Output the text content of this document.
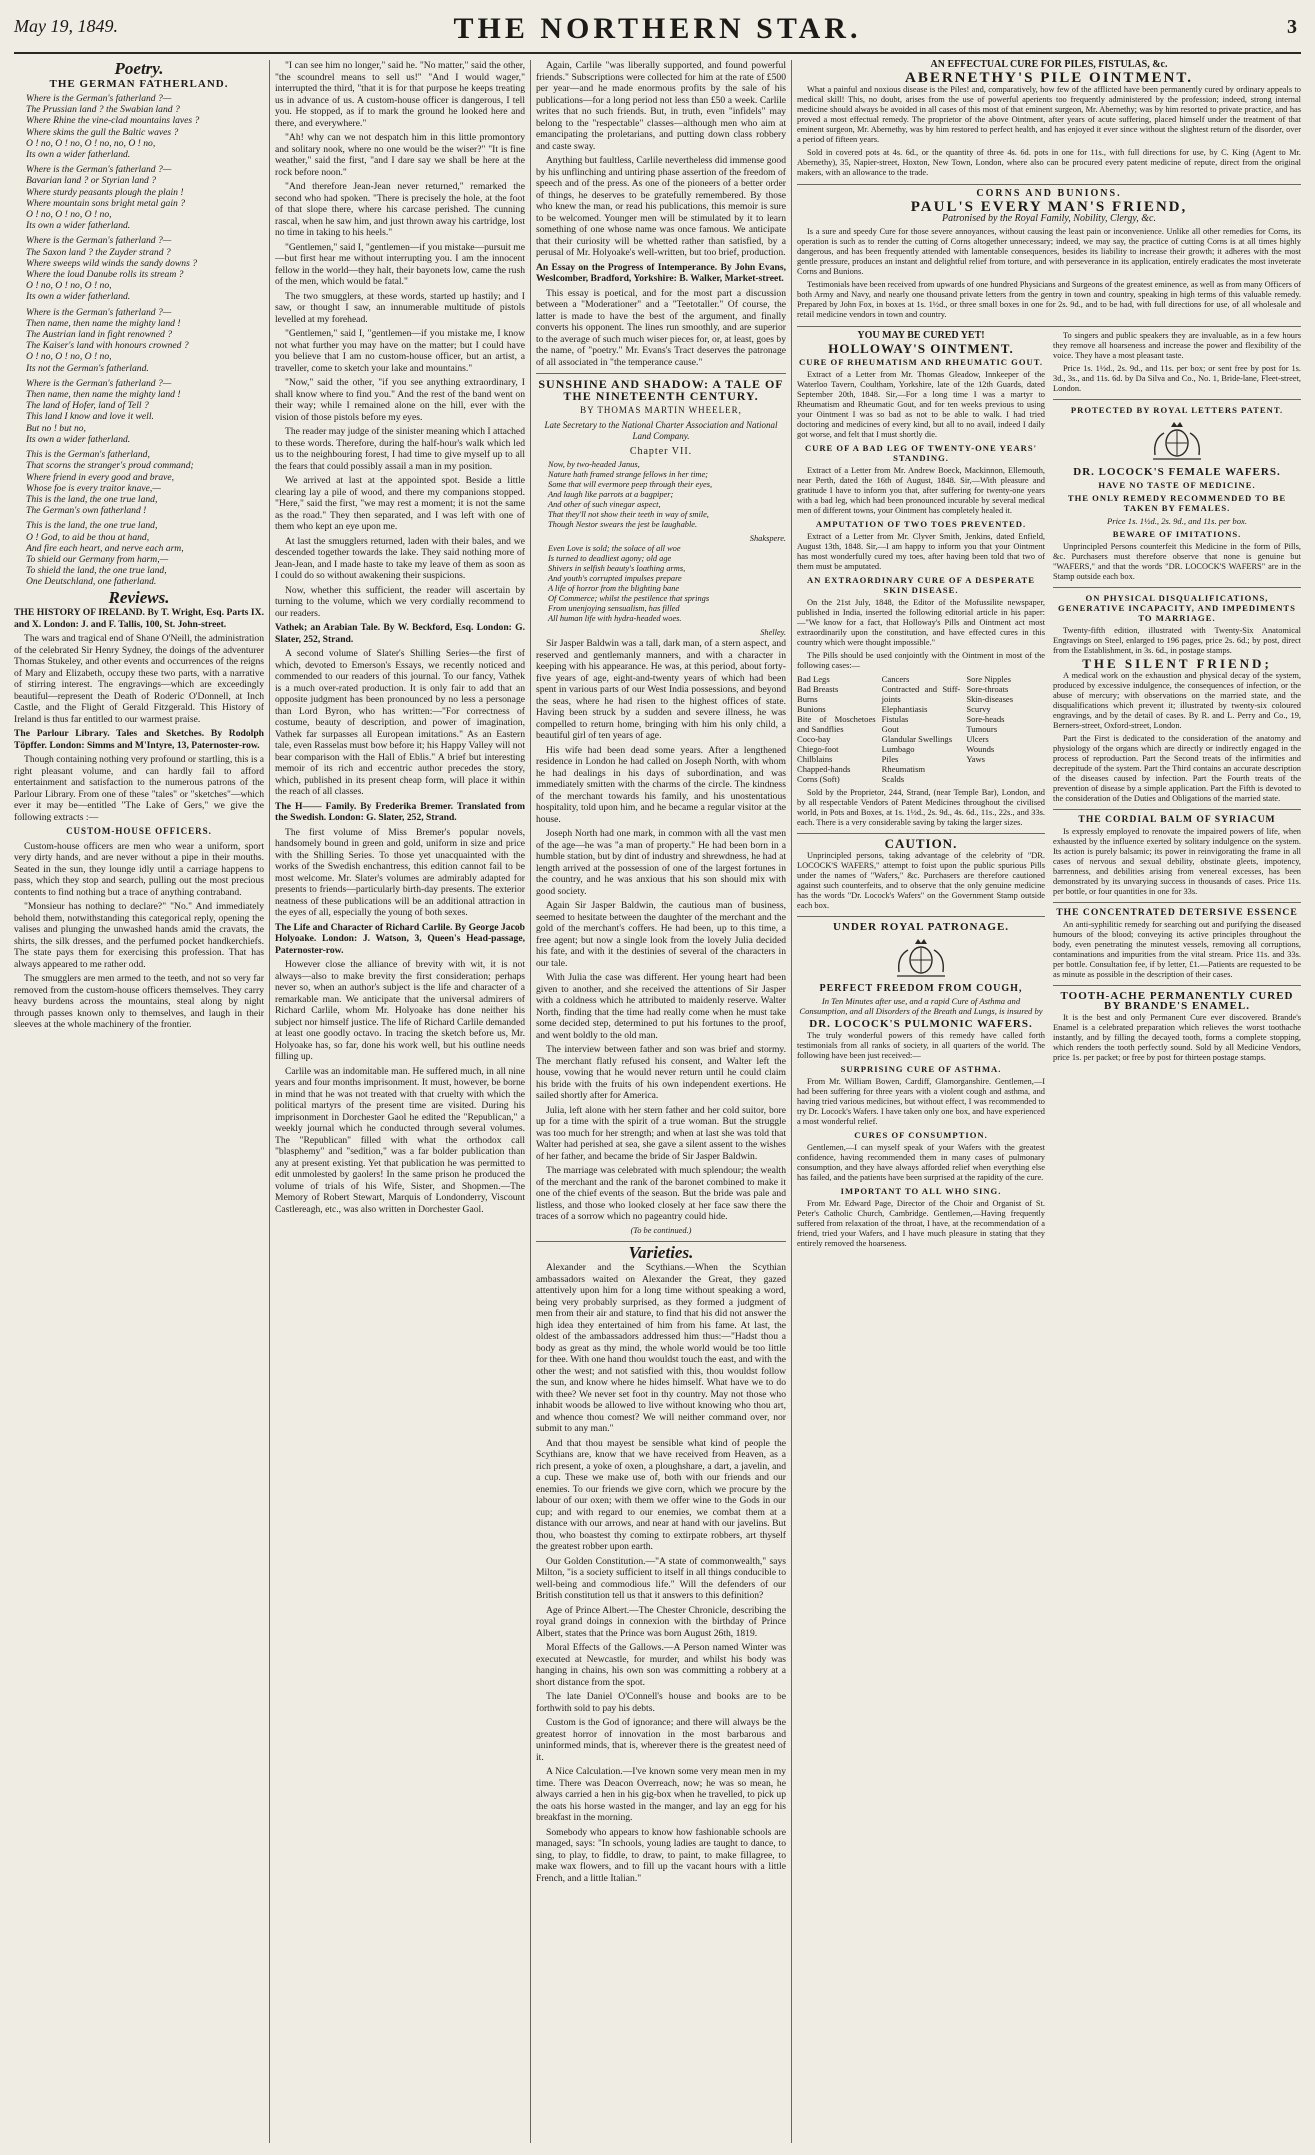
May 19, 1849.	THE NORTHERN STAR.	3
Poetry.
THE GERMAN FATHERLAND.
Where is the German's fatherland ?—
The Prussian land ? the Swabian land ?
Where Rhine the vine-clad mountains laves ?
Where skims the gull the Baltic waves ?
O ! no, O ! no, O ! no, no, O ! no,
Its own a wider fatherland.
Where is the German's fatherland ?—
Bavarian land ? or Styrian land ?
Where sturdy peasants plough the plain !
Where mountain sons bright metal gain ?
O ! no, O ! no, O ! no,
Its own a wider fatherland.
Where is the German's fatherland ?—
The Saxon land ? the Zuyder strand ?
Where sweeps wild winds the sandy downs ?
Where the loud Danube rolls its stream ?
O ! no, O ! no, O ! no,
Its own a wider fatherland.
Where is the German's fatherland ?—
Then name, then name the mighty land !
The Austrian land in fight renowned ?
The Kaiser's land with honours crowned ?
O ! no, O ! no, O ! no,
Its not the German's fatherland.
Where is the German's fatherland ?—
Then name, then name the mighty land !
The land of Hofer, land of Tell ?
This land I know and love it well.
But no ! but no,
Its own a wider fatherland.
This is the German's fatherland,
That scorns the stranger's proud command;
Where friend in every good and brave,
Whose foe is every traitor knave,—
This is the land, the one true land,
The German's own fatherland !
This is the land, the one true land,
O ! God, to aid be thou at hand,
And fire each heart, and nerve each arm,
To shield our Germany from harm,—
To shield the land, the one true land,
One Deutschland, one fatherland.
Reviews.

THE HISTORY OF IRELAND. By T. Wright, Esq. Parts IX. and X. London: J. and F. Tallis, 100, St. John-street.

The wars and tragical end of Shane O'Neill, the administration of the celebrated Sir Henry Sydney, the doings of the adventurer Thomas Stukeley, and other events and occurrences of the reigns of Mary and Elizabeth, occupy these two parts, with a narrative of stirring interest. The engravings—which are exceedingly beautiful—represent the Death of Roderic O'Donnell, at Inch Castle, and the Flight of Gerald Fitzgerald. This History of Ireland is thus far entitled to our warmest praise.

The Parlour Library. Tales and Sketches. By Rodolph Töpffer. London: Simms and M'Intyre, 13, Paternoster-row.

Though containing nothing very profound or startling, this is a right pleasant volume, and can hardly fail to afford entertainment and satisfaction to the numerous patrons of the Parlour Library. From one of these "tales" or "sketches"—which ever it may be—entitled "The Lake of Gers," we give the following extracts :—

CUSTOM-HOUSE OFFICERS.

Custom-house officers are men who wear a uniform, sport very dirty hands, and are never without a pipe in their mouths. Seated in the sun, they lounge idly until a carriage happens to pass, which they stop and search, pulling out the most precious contents to find nothing but a trace of anything contraband.

"Monsieur has nothing to declare?" "No." And immediately behold them, notwithstanding this categorical reply, opening the valises and plunging the unwashed hands amid the cravats, the shirts, the silk dresses, and the perfumed pocket handkerchiefs. The state pays them for exercising this profession. That has always appeared to me rather odd.

The smugglers are men armed to the teeth, and not so very far removed from the custom-house officers themselves. They carry heavy burdens across the mountains, steal along by night through passes known only to themselves, and laugh in their sleeves at the whole machinery of the frontier.

"I can see him no longer," said he. "No matter," said the other, "the scoundrel means to sell us!" "And I would wager," interrupted the third, "that it is for that purpose he keeps treating us in advance of us. A custom-house officer is dangerous, I tell you. He stopped, as if to mark the ground he looked here and there, and everywhere."

"Ah! why can we not despatch him in this little promontory and solitary nook, where no one would be the wiser?" "It is fine weather," said the first, "and I dare say we shall be here at the rock before noon."

"And therefore Jean-Jean never returned," remarked the second who had spoken. "There is precisely the hole, at the foot of that slope there, where his carcase perished. The cunning rascal, when he saw him, and just thrown away his cartridge, lost no time in taking to his heels."

"Gentlemen," said I, "gentlemen—if you mistake—pursuit me—but first hear me without interrupting you. I am the innocent fellow in the world—they halt, their bayonets low, came the rush of the men, which would be fatal."

The two smugglers, at these words, started up hastily; and I saw, or thought I saw, an innumerable multitude of pistols levelled at my forehead.

"Gentlemen," said I, "gentlemen—if you mistake me, I know not what further you may have on the matter; but I could have you believe that I am no custom-house officer, but an artist, a traveller, come to sketch your lake and mountains."

"Now," said the other, "if you see anything extraordinary, I shall know where to find you." And the rest of the band went on their way; while I remained alone on the hill, ever with the vision of those pistols before my eyes.

The reader may judge of the sinister meaning which I attached to these words. Therefore, during the half-hour's walk which led us to the neighbouring forest, I had time to give myself up to all the fears that could possibly assail a man in my position.

We arrived at last at the appointed spot. Beside a little clearing lay a pile of wood, and there my companions stopped. "Here," said the first, "we may rest a moment; it is not the same as the road." They then separated, and I was left with one of them who kept an eye upon me.

At last the smugglers returned, laden with their bales, and we descended together towards the lake. They said nothing more of Jean-Jean, and I made haste to take my leave of them as soon as I could do so without awakening their suspicions.

Now, whether this sufficient, the reader will ascertain by turning to the volume, which we very cordially recommend to our readers.

Vathek; an Arabian Tale. By W. Beckford, Esq. London: G. Slater, 252, Strand.

A second volume of Slater's Shilling Series—the first of which, devoted to Emerson's Essays, we recently noticed and commended to our readers of this journal. To our fancy, Vathek is a much over-rated production. It is only fair to add that an opposite judgment has been pronounced by no less a personage than Lord Byron, who has written:—"For correctness of costume, beauty of description, and power of imagination, Vathek far surpasses all European imitations." As an Eastern tale, even Rasselas must bow before it; his Happy Valley will not bear comparison with the Hall of Eblis." A brief but interesting memoir of its rich and eccentric author precedes the story, which, published in its present cheap form, will place it within the reach of all classes.

The H—— Family. By Frederika Bremer. Translated from the Swedish. London: G. Slater, 252, Strand.

The first volume of Miss Bremer's popular novels, handsomely bound in green and gold, uniform in size and price with the Shilling Series. To those yet unacquainted with the works of the Swedish enchantress, this edition cannot fail to be most welcome. Mr. Slater's volumes are admirably adapted for presents to friends—particularly birth-day presents. The exterior neatness of these publications will be an additional attraction in the eyes of all, especially the young of both sexes.

The Life and Character of Richard Carlile. By George Jacob Holyoake. London: J. Watson, 3, Queen's Head-passage, Paternoster-row.

However close the alliance of brevity with wit, it is not always—also to make brevity the first consideration; perhaps never so, when an author's subject is the life and character of a remarkable man. We anticipate that the universal admirers of Richard Carlile, whom Mr. Holyoake has done neither his subject nor himself justice. The life of Richard Carlile demanded at least one goodly octavo. In tracing the sketch before us, Mr. Holyoake has, so far, done his work well, but his outline needs filling up.

Carlile was an indomitable man. He suffered much, in all nine years and four months imprisonment. It must, however, be borne in mind that he was not treated with that cruelty with which the political martyrs of the present time are visited. During his imprisonment in Dorchester Gaol he edited the "Republican," a weekly journal which he conducted through several volumes. The "Republican" filled with what the orthodox call "blasphemy" and "sedition," was a far bolder publication than any at present existing. Yet that publication he was permitted to edit unmolested by gaolers! In the same prison he produced the volume of trials of his Wife, Sister, and Shopmen.—The Memory of Robert Stewart, Marquis of Londonderry, Viscount Castlereagh, etc., was also written in Dorchester Gaol.

Again, Carlile "was liberally supported, and found powerful friends." Subscriptions were collected for him at the rate of £500 per year—and he made enormous profits by the sale of his publications—for a long period not less than £50 a week. Carlile writes that no such friends. But, in truth, even "infidels" may belong to the "respectable" classes—although men who aim at emancipating the proletarians, and putting down class robbery and caste sway.

Anything but faultless, Carlile nevertheless did immense good by his unflinching and untiring phase assertion of the freedom of speech and of the press. As one of the pioneers of a better order of things, he deserves to be gratefully remembered. By those who knew the man, or read his publications, this memoir is sure to be welcomed. Younger men will be stimulated by it to learn something of one whose name was once famous. We anticipate that their curiosity will be whetted rather than satisfied, by a perusal of Mr. Holyoake's well-written, but too brief, production.

An Essay on the Progress of Intemperance. By John Evans, Weslcomber, Bradford, Yorkshire: B. Walker, Market-street.

This essay is poetical, and for the most part a discussion between a "Moderationer" and a "Teetotaller." Of course, the latter is made to have the best of the argument, and finally converts his opponent. The lines run smoothly, and are superior to the average of such much wiser pieces for, or, at least, goes by the name, of "poetry." Mr. Evans's Tract deserves the patronage of all associated in "the temperance cause."

SUNSHINE AND SHADOW: A TALE OF THE NINETEENTH CENTURY.
BY THOMAS MARTIN WHEELER,
Late Secretary to the National Charter Association and National Land Company.
Chapter VII.
Now, by two-headed Janus,
Nature hath framed strange fellows in her time;
Some that will evermore peep through their eyes,
And laugh like parrots at a bagpiper;
And other of such vinegar aspect,
That they'll not show their teeth in way of smile,
Though Nestor swears the jest be laughable.
Shakspere.
Even Love is sold; the solace of all woe
Is turned to deadliest agony; old age
Shivers in selfish beauty's loathing arms,
And youth's corrupted impulses prepare
A life of horror from the blighting bane
Of Commerce; whilst the pestilence that springs
From unenjoying sensualism, has filled
All human life with hydra-headed woes.
Shelley.

Sir Jasper Baldwin was a tall, dark man, of a stern aspect, and reserved and gentlemanly manners, and with a character in keeping with his appearance. He was, at this period, about forty-five years of age, eight-and-twenty years of which had been spent in various parts of our West India possessions, and beyond the seas, where he had risen to the highest offices of state. Having been struck by a sudden and severe illness, he was compelled to return home, bringing with him his only child, a beautiful girl of ten years of age.

His wife had been dead some years. After a lengthened residence in London he had called on Joseph North, with whom he had dealings in his days of subordination, and was immediately smitten with the charms of the circle. The kindness of the merchant towards his family, and his unostentatious hospitality, told upon him, and he became a regular visitor at the house.

Joseph North had one mark, in common with all the vast men of the age—he was "a man of property." He had been born in a humble station, but by dint of industry and shrewdness, he had at length arrived at the possession of one of the largest fortunes in the country, and he was anxious that his son should mix with good society.

Again Sir Jasper Baldwin, the cautious man of business, seemed to hesitate between the daughter of the merchant and the gold of the merchant's coffers. He had been, up to this time, a free agent; but now a single look from the lovely Julia decided his fate, and with it the destinies of several of the characters in our tale.

With Julia the case was different. Her young heart had been given to another, and she received the attentions of Sir Jasper with a coldness which he attributed to maidenly reserve. Walter North, finding that the time had really come when he must take some decided step, determined to put his fortunes to the proof, and went boldly to the old man.

The interview between father and son was brief and stormy. The merchant flatly refused his consent, and Walter left the house, vowing that he would never return until he could claim his bride with the fruits of his own independent exertions. He sailed shortly after for America.

Julia, left alone with her stern father and her cold suitor, bore up for a time with the spirit of a true woman. But the struggle was too much for her strength; and when at last she was told that Walter had perished at sea, she gave a silent assent to the wishes of her father, and became the bride of Sir Jasper Baldwin.

The marriage was celebrated with much splendour; the wealth of the merchant and the rank of the baronet combined to make it one of the chief events of the season. But the bride was pale and listless, and those who looked closely at her face saw there the traces of a sorrow which no pageantry could hide.

(To be continued.)
Varieties.

Alexander and the Scythians.—When the Scythian ambassadors waited on Alexander the Great, they gazed attentively upon him for a long time without speaking a word, being very probably surprised, as they formed a judgment of men from their air and stature, to find that his did not answer the high idea they entertained of him from his fame. At last, the oldest of the ambassadors addressed him thus:—"Hadst thou a body as great as thy mind, the whole world would be too little for thee. With one hand thou wouldst touch the east, and with the other the west; and not satisfied with this, thou wouldst follow the sun, and know where he hides himself. What have we to do with thee? We never set foot in thy country. May not those who inhabit woods be allowed to live without knowing who thou art, and whence thou comest? We will neither command over, nor submit to any man."

And that thou mayest be sensible what kind of people the Scythians are, know that we have received from Heaven, as a rich present, a yoke of oxen, a ploughshare, a dart, a javelin, and a cup. These we make use of, both with our friends and our enemies. To our friends we give corn, which we procure by the labour of our oxen; with them we offer wine to the Gods in our cup; and with regard to our enemies, we combat them at a distance with our arrows, and near at hand with our javelins. But thou, who boastest thy coming to extirpate robbers, art thyself the greatest robber upon earth.

Our Golden Constitution.—"A state of commonwealth," says Milton, "is a society sufficient to itself in all things conducible to well-being and commodious life." Will the defenders of our British constitution tell us that it answers to this definition?

Age of Prince Albert.—The Chester Chronicle, describing the royal grand doings in connexion with the birthday of Prince Albert, states that the Prince was born August 26th, 1819.

Moral Effects of the Gallows.—A Person named Winter was executed at Newcastle, for murder, and whilst his body was hanging in chains, his own son was committing a robbery at a short distance from the spot.

The late Daniel O'Connell's house and books are to be forthwith sold to pay his debts.

Custom is the God of ignorance; and there will always be the greatest horror of innovation in the most barbarous and uninformed minds, that is, wherever there is the greatest need of it.

A Nice Calculation.—I've known some very mean men in my time. There was Deacon Overreach, now; he was so mean, he always carried a hen in his gig-box when he travelled, to pick up the oats his horse wasted in the manger, and lay an egg for his breakfast in the morning.

Somebody who appears to know how fashionable schools are managed, says: "In schools, young ladies are taught to dance, to sing, to play, to fiddle, to draw, to paint, to make fillagree, to make wax flowers, and to fill up the vacant hours with a little French, and a little Italian."

AN EFFECTUAL CURE FOR PILES, FISTULAS, &c.
ABERNETHY'S PILE OINTMENT.

What a painful and noxious disease is the Piles! and, comparatively, how few of the afflicted have been permanently cured by ordinary appeals to medical skill! This, no doubt, arises from the use of powerful aperients too frequently administered by the profession; indeed, strong internal medicine should always be avoided in all cases of this most of that eminent surgeon, Mr. Abernethy; was by him resorted to private practice, and has proved a most effectual remedy. The proprietor of the above Ointment, after years of acute suffering, placed himself under the treatment of that eminent surgeon, Mr. Abernethy, was by him restored to perfect health, and has enjoyed it ever since without the slightest return of the disorder, over a period of fifteen years.

Sold in covered pots at 4s. 6d., or the quantity of three 4s. 6d. pots in one for 11s., with full directions for use, by C. King (Agent to Mr. Abernethy), 35, Napier-street, Hoxton, New Town, London, where also can be procured every patent medicine of repute, direct from the original makers, with an allowance to the trade.

CORNS AND BUNIONS.
PAUL'S EVERY MAN'S FRIEND,
Patronised by the Royal Family, Nobility, Clergy, &c.

Is a sure and speedy Cure for those severe annoyances, without causing the least pain or inconvenience. Unlike all other remedies for Corns, its operation is such as to render the cutting of Corns altogether unnecessary; indeed, we may say, the practice of cutting Corns is at all times highly dangerous, and has been frequently attended with lamentable consequences, besides its liability to increase their growth; it adheres with the most gentle pressure, produces an instant and delightful relief from torture, and with perseverance in its application, entirely eradicates the most inveterate Corns and Bunions.

Testimonials have been received from upwards of one hundred Physicians and Surgeons of the greatest eminence, as well as from many Officers of both Army and Navy, and nearly one thousand private letters from the gentry in town and country, speaking in high terms of this valuable remedy. Prepared by John Fox, in boxes at 1s. 1½d., or three small boxes in one for 2s. 9d., and to be had, with full directions for use, of all wholesale and retail medicine vendors in town and country.

YOU MAY BE CURED YET!
HOLLOWAY'S OINTMENT.
CURE OF RHEUMATISM AND RHEUMATIC GOUT.

Extract of a Letter from Mr. Thomas Gleadow, Innkeeper of the Waterloo Tavern, Coultham, Yorkshire, late of the 12th Guards, dated September 20th, 1848. Sir,—For a long time I was a martyr to Rheumatism and Rheumatic Gout, and for ten weeks previous to using your Ointment I was so bad as not to be able to walk. I had tried doctoring and medicines of every kind, but all to no avail, indeed I daily got worse, and felt that I must shortly die.

CURE OF A BAD LEG OF TWENTY-ONE YEARS' STANDING.

Extract of a Letter from Mr. Andrew Boeck, Mackinnon, Ellemouth, near Perth, dated the 16th of August, 1848. Sir,—With pleasure and gratitude I have to inform you that, after suffering for twenty-one years with a bad leg, which had been pronounced incurable by several medical men of different towns, your Ointment has completely healed it.

AMPUTATION OF TWO TOES PREVENTED.

Extract of a Letter from Mr. Clyver Smith, Jenkins, dated Enfield, August 13th, 1848. Sir,—I am happy to inform you that your Ointment has most wonderfully cured my toes, after having been told that two of them must be amputated.

AN EXTRAORDINARY CURE OF A DESPERATE SKIN DISEASE.

On the 21st July, 1848, the Editor of the Mofussilite newspaper, published in India, inserted the following editorial article in his paper:—"We know for a fact, that Holloway's Pills and Ointment act most extraordinarily upon the constitution, and have effected cures in this country which were thought impossible."

The Pills should be used conjointly with the Ointment in most of the following cases:—

Bad Legs
Bad Breasts
Burns
Bunions
Bite of Moschetoes and Sandflies
Coco-bay
Chiego-foot
Chilblains
Chapped-hands
Corns (Soft)
Cancers
Contracted and Stiff-joints
Elephantiasis
Fistulas
Gout
Glandular Swellings
Lumbago
Piles
Rheumatism
Scalds
Sore Nipples
Sore-throats
Skin-diseases
Scurvy
Sore-heads
Tumours
Ulcers
Wounds
Yaws

Sold by the Proprietor, 244, Strand, (near Temple Bar), London, and by all respectable Vendors of Patent Medicines throughout the civilised world, in Pots and Boxes, at 1s. 1½d., 2s. 9d., 4s. 6d., 11s., 22s., and 33s. each. There is a very considerable saving by taking the larger sizes.

CAUTION.

Unprincipled persons, taking advantage of the celebrity of "DR. LOCOCK'S WAFERS," attempt to foist upon the public spurious Pills under the names of "Wafers," &c. Purchasers are therefore cautioned against such counterfeits, and to observe that the only genuine medicine has the words "Dr. Locock's Wafers" on the Government Stamp outside each box.

UNDER ROYAL PATRONAGE.
PERFECT FREEDOM FROM COUGH,
In Ten Minutes after use, and a rapid Cure of Asthma and Consumption, and all Disorders of the Breath and Lungs, is insured by
DR. LOCOCK'S PULMONIC WAFERS.

The truly wonderful powers of this remedy have called forth testimonials from all ranks of society, in all quarters of the world. The following have been just received:—

SURPRISING CURE OF ASTHMA.

From Mr. William Bowen, Cardiff, Glamorganshire. Gentlemen,—I had been suffering for three years with a violent cough and asthma, and having tried various medicines, but without effect, I was recommended to try Dr. Locock's Wafers. I have taken only one box, and have experienced a most wonderful relief.

CURES OF CONSUMPTION.

Gentlemen,—I can myself speak of your Wafers with the greatest confidence, having recommended them in many cases of pulmonary consumption, and they have always afforded relief when everything else has failed, and the patients have been surprised at the rapidity of the cure.

IMPORTANT TO ALL WHO SING.

From Mr. Edward Page, Director of the Choir and Organist of St. Peter's Catholic Church, Cambridge. Gentlemen,—Having frequently suffered from relaxation of the throat, I have, at the recommendation of a friend, tried your Wafers, and I have much pleasure in stating that they entirely removed the hoarseness.

To singers and public speakers they are invaluable, as in a few hours they remove all hoarseness and increase the power and flexibility of the voice. They have a most pleasant taste.

Price 1s. 1½d., 2s. 9d., and 11s. per box; or sent free by post for 1s. 3d., 3s., and 11s. 6d. by Da Silva and Co., No. 1, Bride-lane, Fleet-street, London.

PROTECTED BY ROYAL LETTERS PATENT.
DR. LOCOCK'S FEMALE WAFERS.
HAVE NO TASTE OF MEDICINE.
THE ONLY REMEDY RECOMMENDED TO BE TAKEN BY FEMALES.
Price 1s. 1½d., 2s. 9d., and 11s. per box.
BEWARE OF IMITATIONS.

Unprincipled Persons counterfeit this Medicine in the form of Pills, &c. Purchasers must therefore observe that none is genuine but "WAFERS," and that the words "DR. LOCOCK'S WAFERS" are in the Stamp outside each box.

ON PHYSICAL DISQUALIFICATIONS, GENERATIVE INCAPACITY, AND IMPEDIMENTS TO MARRIAGE.

Twenty-fifth edition, illustrated with Twenty-Six Anatomical Engravings on Steel, enlarged to 196 pages, price 2s. 6d.; by post, direct from the Establishment, in 3s. 6d., in postage stamps.

THE SILENT FRIEND;

A medical work on the exhaustion and physical decay of the system, produced by excessive indulgence, the consequences of infection, or the abuse of mercury; with observations on the married state, and the disqualifications which prevent it; illustrated by twenty-six coloured engravings, and by the detail of cases. By R. and L. Perry and Co., 19, Berners-street, Oxford-street, London.

Part the First is dedicated to the consideration of the anatomy and physiology of the organs which are directly or indirectly engaged in the process of reproduction. Part the Second treats of the infirmities and decrepitude of the system. Part the Third contains an accurate description of the diseases caused by infection. Part the Fourth treats of the prevention of disease by a simple application. Part the Fifth is devoted to the consideration of the Duties and Obligations of the married state.

THE CORDIAL BALM OF SYRIACUM

Is expressly employed to renovate the impaired powers of life, when exhausted by the influence exerted by solitary indulgence on the system. Its action is purely balsamic; its power in reinvigorating the frame in all cases of nervous and sexual debility, obstinate gleets, impotency, barrenness, and debilities arising from venereal excesses, has been demonstrated by its unvarying success in thousands of cases. Price 11s. per bottle, or four quantities in one for 33s.

THE CONCENTRATED DETERSIVE ESSENCE

An anti-syphilitic remedy for searching out and purifying the diseased humours of the blood; conveying its active principles throughout the body, even penetrating the minutest vessels, removing all corruptions, contaminations and impurities from the vital stream. Price 11s. and 33s. per bottle. Consultation fee, if by letter, £1.—Patients are requested to be as minute as possible in the description of their cases.

TOOTH-ACHE PERMANENTLY CURED BY BRANDE'S ENAMEL.

It is the best and only Permanent Cure ever discovered. Brande's Enamel is a celebrated preparation which relieves the worst toothache instantly, and by filling the decayed tooth, forms a complete stopping, which renders the tooth perfectly sound. Sold by all Medicine Vendors, price 1s. per packet; or free by post for thirteen postage stamps.
